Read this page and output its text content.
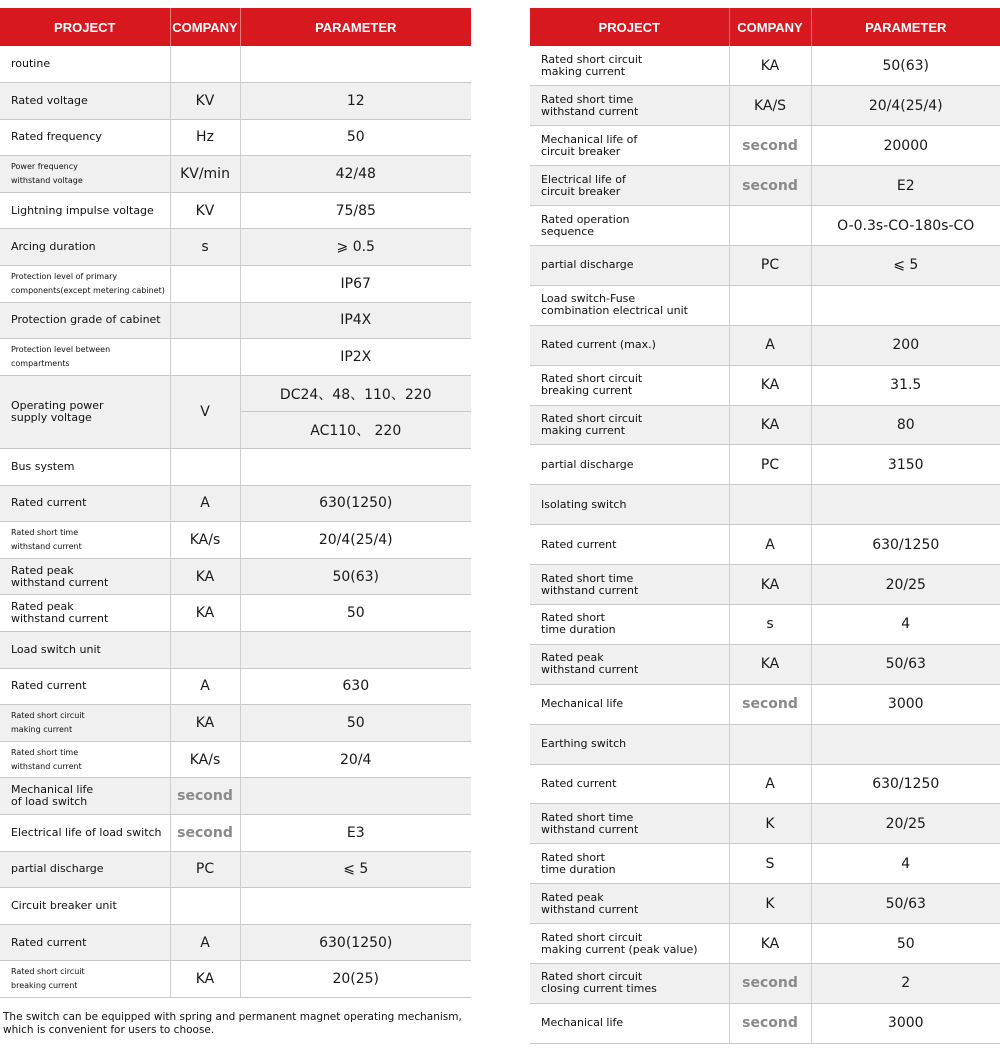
PROJECT	COMPANY	PARAMETER
routine		
Rated voltage	KV	12
Rated frequency	Hz	50
Power frequency
withstand voltage	KV/min	42/48
Lightning impulse voltage	KV	75/85
Arcing duration	s	⩾ 0.5
Protection level of primary
components(except metering cabinet)		IP67
Protection grade of cabinet		IP4X
Protection level between
compartments		IP2X
Operating power
supply voltage	V	DC24、48、110、220
		AC110、 220
Bus system		
Rated current	A	630(1250)
Rated short time
withstand current	KA/s	20/4(25/4)
Rated peak
withstand current	KA	50(63)
Rated peak
withstand current	KA	50
Load switch unit		
Rated current	A	630
Rated short circuit
making current	KA	50
Rated short time
withstand current	KA/s	20/4
Mechanical life
of load switch	second	
Electrical life of load switch	second	E3
partial discharge	PC	⩽ 5
Circuit breaker unit		
Rated current	A	630(1250)
Rated short circuit
breaking current	KA	20(25)
PROJECT	COMPANY	PARAMETER
Rated short circuit
making current	KA	50(63)
Rated short time
withstand current	KA/S	20/4(25/4)
Mechanical life of
circuit breaker	second	20000
Electrical life of
circuit breaker	second	E2
Rated operation
sequence		O-0.3s-CO-180s-CO
partial discharge	PC	⩽ 5
Load switch-Fuse
combination electrical unit		
Rated current (max.)	A	200
Rated short circuit
breaking current	KA	31.5
Rated short circuit
making current	KA	80
partial discharge	PC	3150
Isolating switch		
Rated current	A	630/1250
Rated short time
withstand current	KA	20/25
Rated short
time duration	s	4
Rated peak
withstand current	KA	50/63
Mechanical life	second	3000
Earthing switch		
Rated current	A	630/1250
Rated short time
withstand current	K	20/25
Rated short
time duration	S	4
Rated peak
withstand current	K	50/63
Rated short circuit
making current (peak value)	KA	50
Rated short circuit
closing current times	second	2
Mechanical life	second	3000
The switch can be equipped with spring and permanent magnet operating mechanism,
which is convenient for users to choose.
